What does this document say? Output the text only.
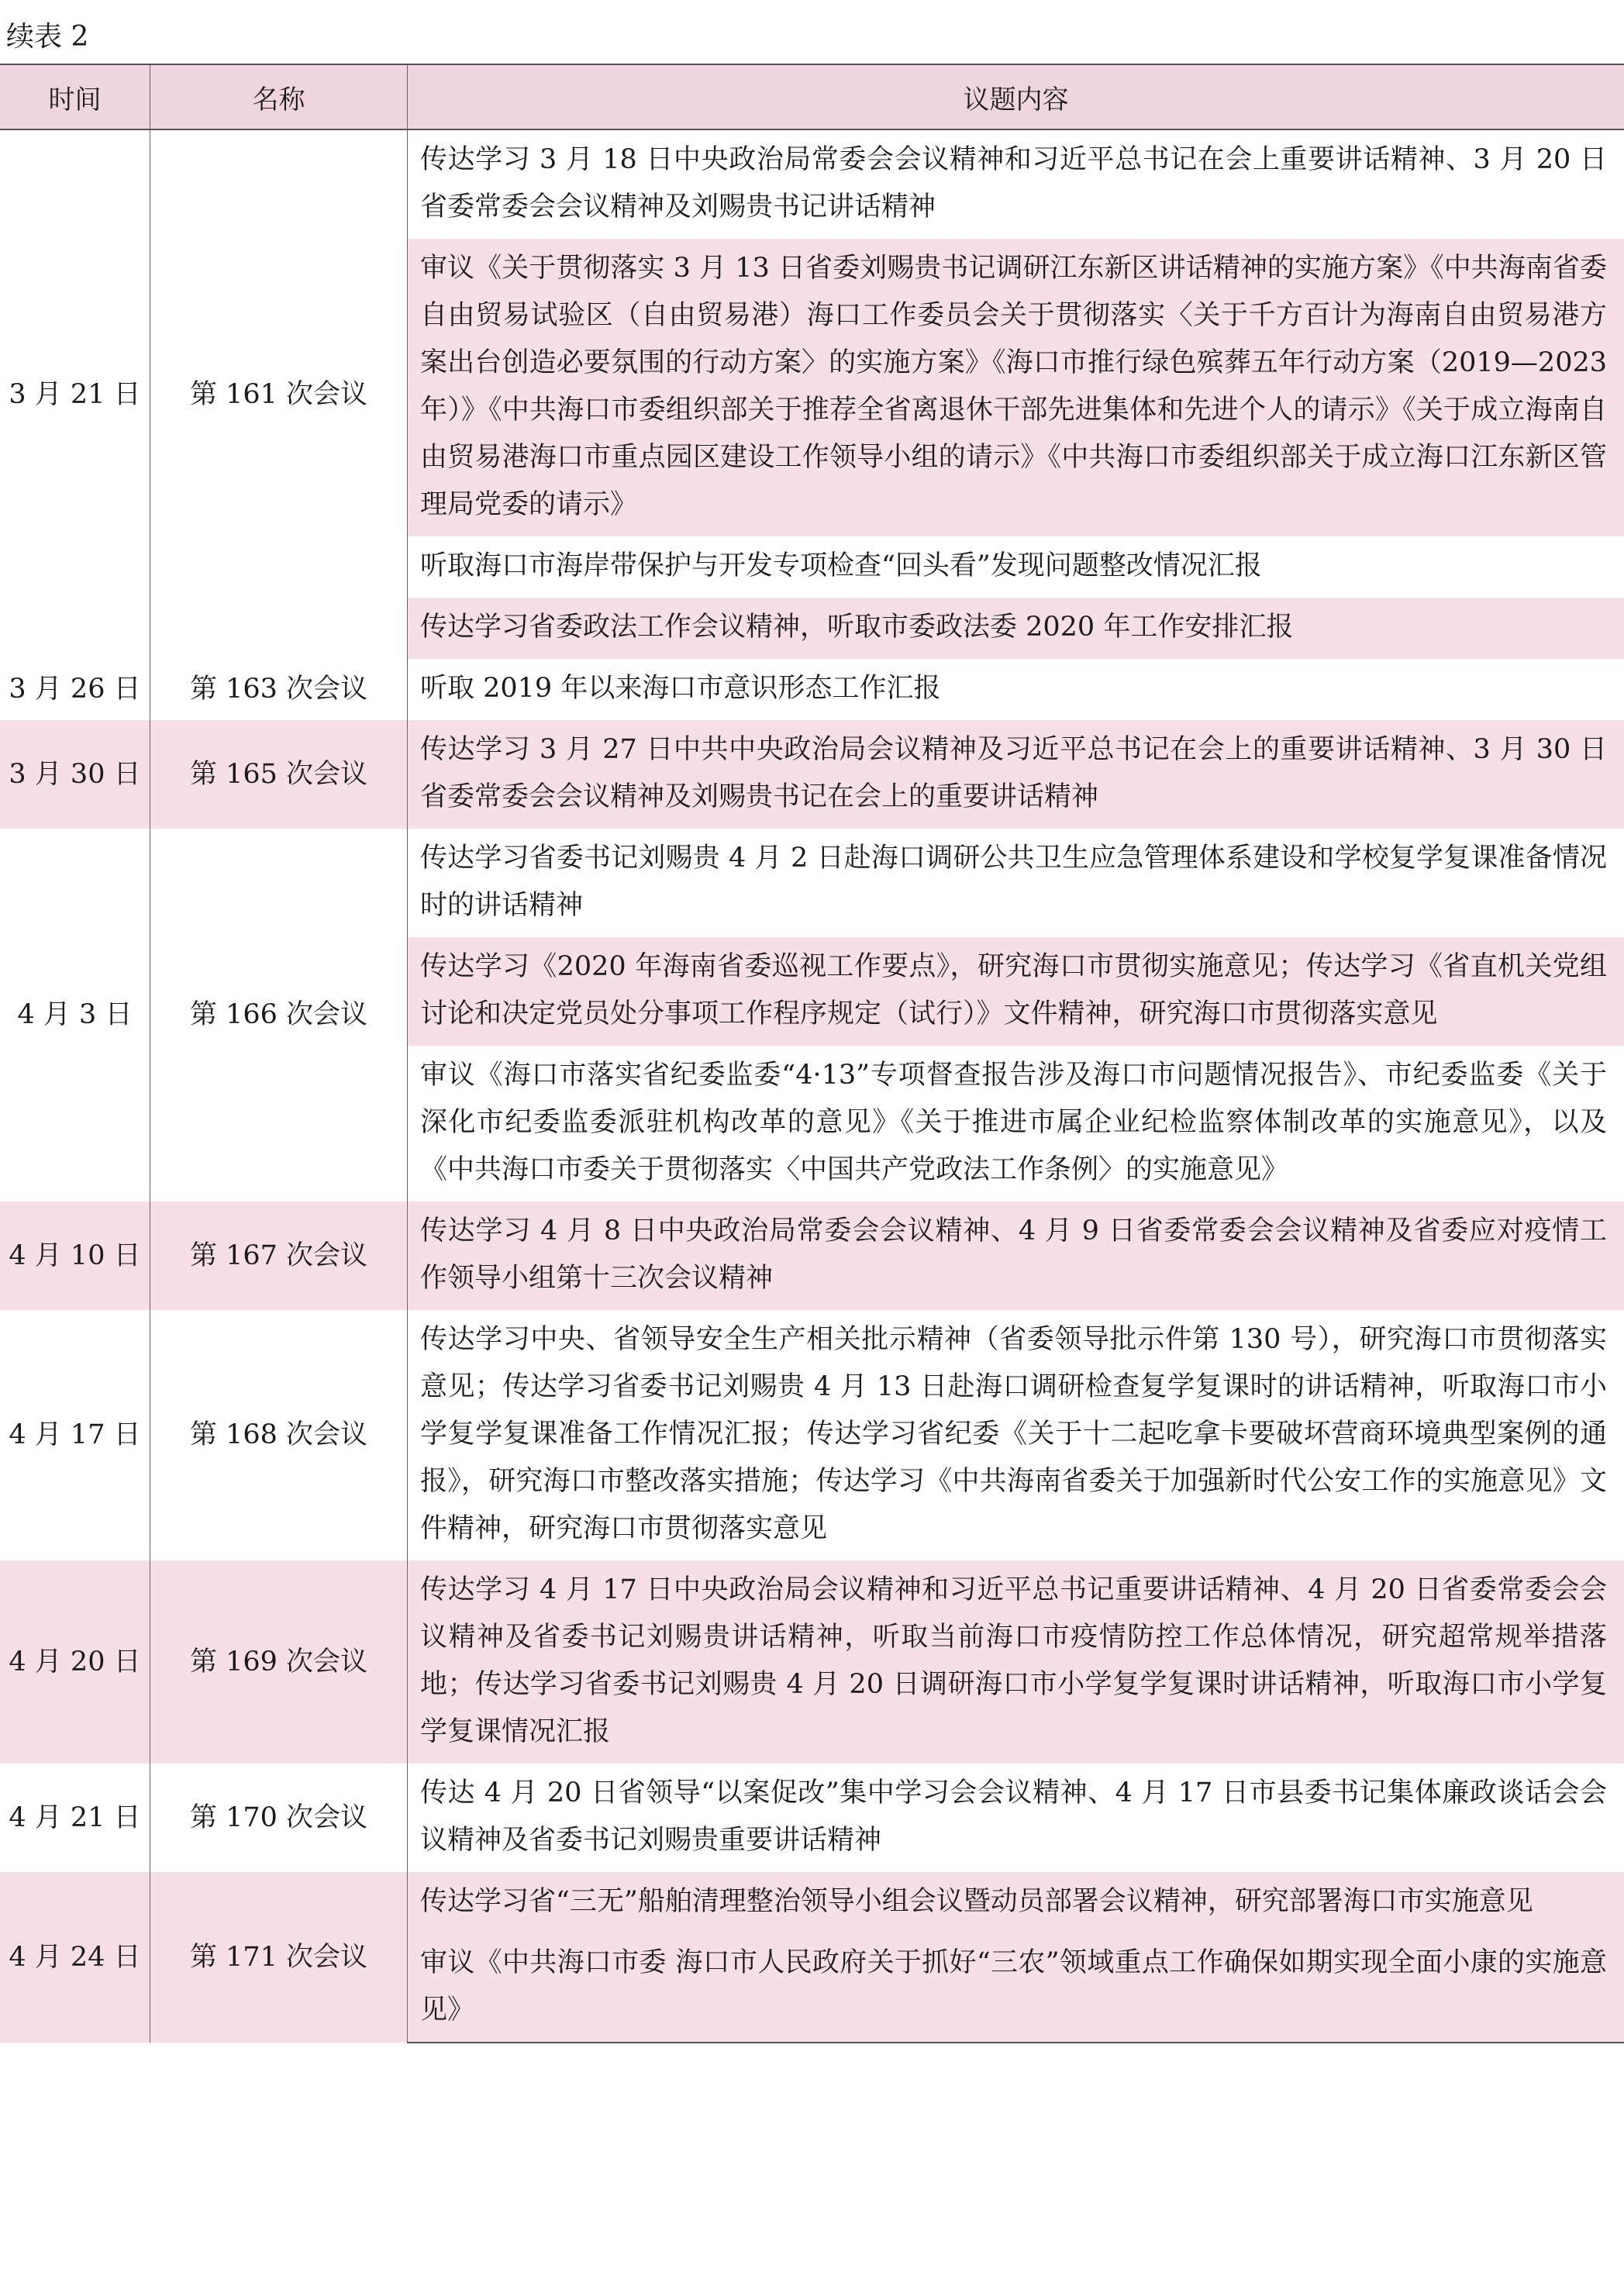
续表 2
时间	名称	议题内容
3 月 21 日	第 161 次会议	传达学习 3 月 18 日中央政治局常委会会议精神和习近平总书记在会上重要讲话精神、3 月 20 日省委常委会会议精神及刘赐贵书记讲话精神
		审议《关于贯彻落实 3 月 13 日省委刘赐贵书记调研江东新区讲话精神的实施方案》《中共海南省委自由贸易试验区（自由贸易港）海口工作委员会关于贯彻落实〈关于千方百计为海南自由贸易港方案出台创造必要氛围的行动方案〉的实施方案》《海口市推行绿色殡葬五年行动方案（2019—2023 年）》《中共海口市委组织部关于推荐全省离退休干部先进集体和先进个人的请示》《关于成立海南自由贸易港海口市重点园区建设工作领导小组的请示》《中共海口市委组织部关于成立海口江东新区管理局党委的请示》
		听取海口市海岸带保护与开发专项检查“回头看”发现问题整改情况汇报
		传达学习省委政法工作会议精神，听取市委政法委 2020 年工作安排汇报
3 月 26 日	第 163 次会议	听取 2019 年以来海口市意识形态工作汇报
3 月 30 日	第 165 次会议	传达学习 3 月 27 日中共中央政治局会议精神及习近平总书记在会上的重要讲话精神、3 月 30 日省委常委会会议精神及刘赐贵书记在会上的重要讲话精神
4 月 3 日	第 166 次会议	传达学习省委书记刘赐贵 4 月 2 日赴海口调研公共卫生应急管理体系建设和学校复学复课准备情况时的讲话精神
		传达学习《2020 年海南省委巡视工作要点》，研究海口市贯彻实施意见；传达学习《省直机关党组讨论和决定党员处分事项工作程序规定（试行）》文件精神，研究海口市贯彻落实意见
		审议《海口市落实省纪委监委“4·13”专项督查报告涉及海口市问题情况报告》、市纪委监委《关于深化市纪委监委派驻机构改革的意见》《关于推进市属企业纪检监察体制改革的实施意见》，以及《中共海口市委关于贯彻落实〈中国共产党政法工作条例〉的实施意见》
4 月 10 日	第 167 次会议	传达学习 4 月 8 日中央政治局常委会会议精神、4 月 9 日省委常委会会议精神及省委应对疫情工作领导小组第十三次会议精神
4 月 17 日	第 168 次会议	传达学习中央、省领导安全生产相关批示精神（省委领导批示件第 130 号），研究海口市贯彻落实意见；传达学习省委书记刘赐贵 4 月 13 日赴海口调研检查复学复课时的讲话精神，听取海口市小学复学复课准备工作情况汇报；传达学习省纪委《关于十二起吃拿卡要破坏营商环境典型案例的通报》，研究海口市整改落实措施；传达学习《中共海南省委关于加强新时代公安工作的实施意见》文件精神，研究海口市贯彻落实意见
4 月 20 日	第 169 次会议	传达学习 4 月 17 日中央政治局会议精神和习近平总书记重要讲话精神、4 月 20 日省委常委会会议精神及省委书记刘赐贵讲话精神，听取当前海口市疫情防控工作总体情况，研究超常规举措落地；传达学习省委书记刘赐贵 4 月 20 日调研海口市小学复学复课时讲话精神，听取海口市小学复学复课情况汇报
4 月 21 日	第 170 次会议	传达 4 月 20 日省领导“以案促改”集中学习会会议精神、4 月 17 日市县委书记集体廉政谈话会会议精神及省委书记刘赐贵重要讲话精神
4 月 24 日	第 171 次会议	传达学习省“三无”船舶清理整治领导小组会议暨动员部署会议精神，研究部署海口市实施意见
		审议《中共海口市委 海口市人民政府关于抓好“三农”领域重点工作确保如期实现全面小康的实施意见》
